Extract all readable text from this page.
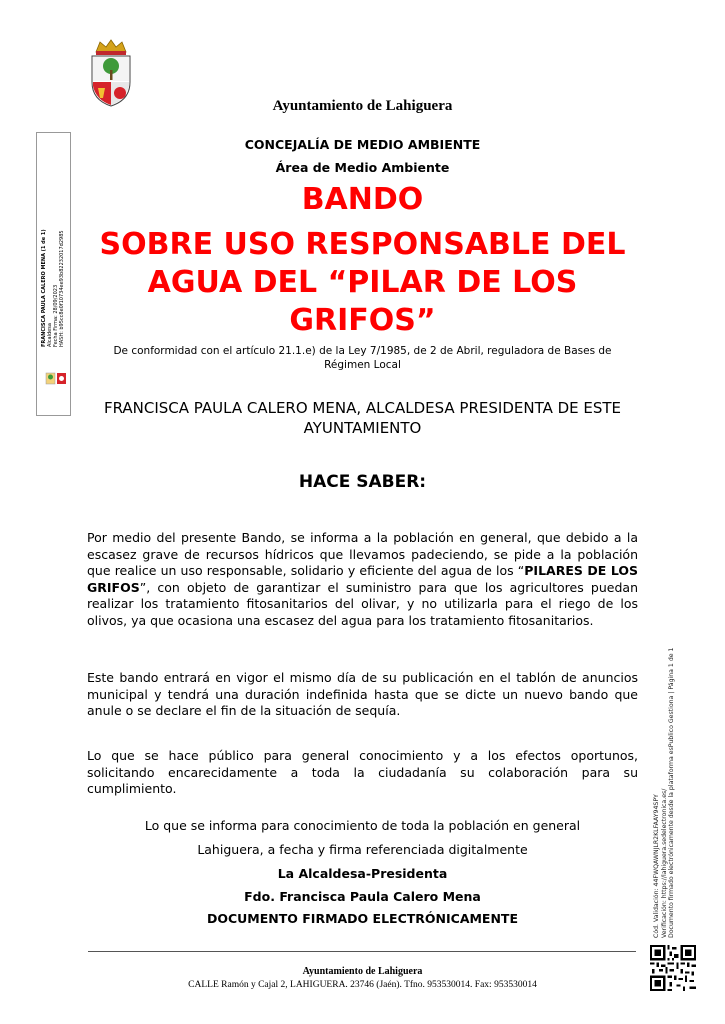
Ayuntamiento de Lahiguera
CONCEJALÍA DE MEDIO AMBIENTE
Área de Medio Ambiente
BANDO
SOBRE USO RESPONSABLE DEL AGUA DEL “PILAR DE LOS GRIFOS”
De conformidad con el artículo 21.1.e) de la Ley 7/1985, de 2 de Abril, reguladora de Bases de Régimen Local
FRANCISCA PAULA CALERO MENA, ALCALDESA PRESIDENTA DE ESTE AYUNTAMIENTO
HACE SABER:
Por medio del presente Bando, se informa a la población en general, que debido a la escasez grave de recursos hídricos que llevamos padeciendo, se pide a la población que realice un uso responsable, solidario y eficiente del agua de los “PILARES DE LOS GRIFOS”, con objeto de garantizar el suministro para que los agricultores puedan realizar los tratamiento fitosanitarios del olivar, y no utilizarla para el riego de los olivos, ya que ocasiona una escasez del agua para los tratamiento fitosanitarios.
Este bando entrará en vigor el mismo día de su publicación en el tablón de anuncios municipal y tendrá una duración indefinida hasta que se dicte un nuevo bando que anule o se declare el fin de la situación de sequía.
Lo que se hace público para general conocimiento y a los efectos oportunos, solicitando encarecidamente a toda la ciudadanía su colaboración para su cumplimiento.
Lo que se informa para conocimiento de toda la población en general
Lahiguera, a fecha y firma referenciada digitalmente
La Alcaldesa-Presidenta
Fdo. Francisca Paula Calero Mena
DOCUMENTO FIRMADO ELECTRÓNICAMENTE
Ayuntamiento de Lahiguera
CALLE Ramón y Cajal 2, LAHIGUERA. 23746 (Jaén). Tfno. 953530014. Fax: 953530014
FRANCISCA PAULA CALERO MENA (1 de 1) Alcaldesa Fecha Firma: 28/09/2023 HASH: b95cc8e0f10734ee93b82232017d2985
Cód. Validación: 44FWQAWNJLR2KLFAAY94SPY Verificación: https://lahiguera.sedelectronica.es/ Documento firmado electrónicamente desde la plataforma esPublico Gestiona | Página 1 de 1
